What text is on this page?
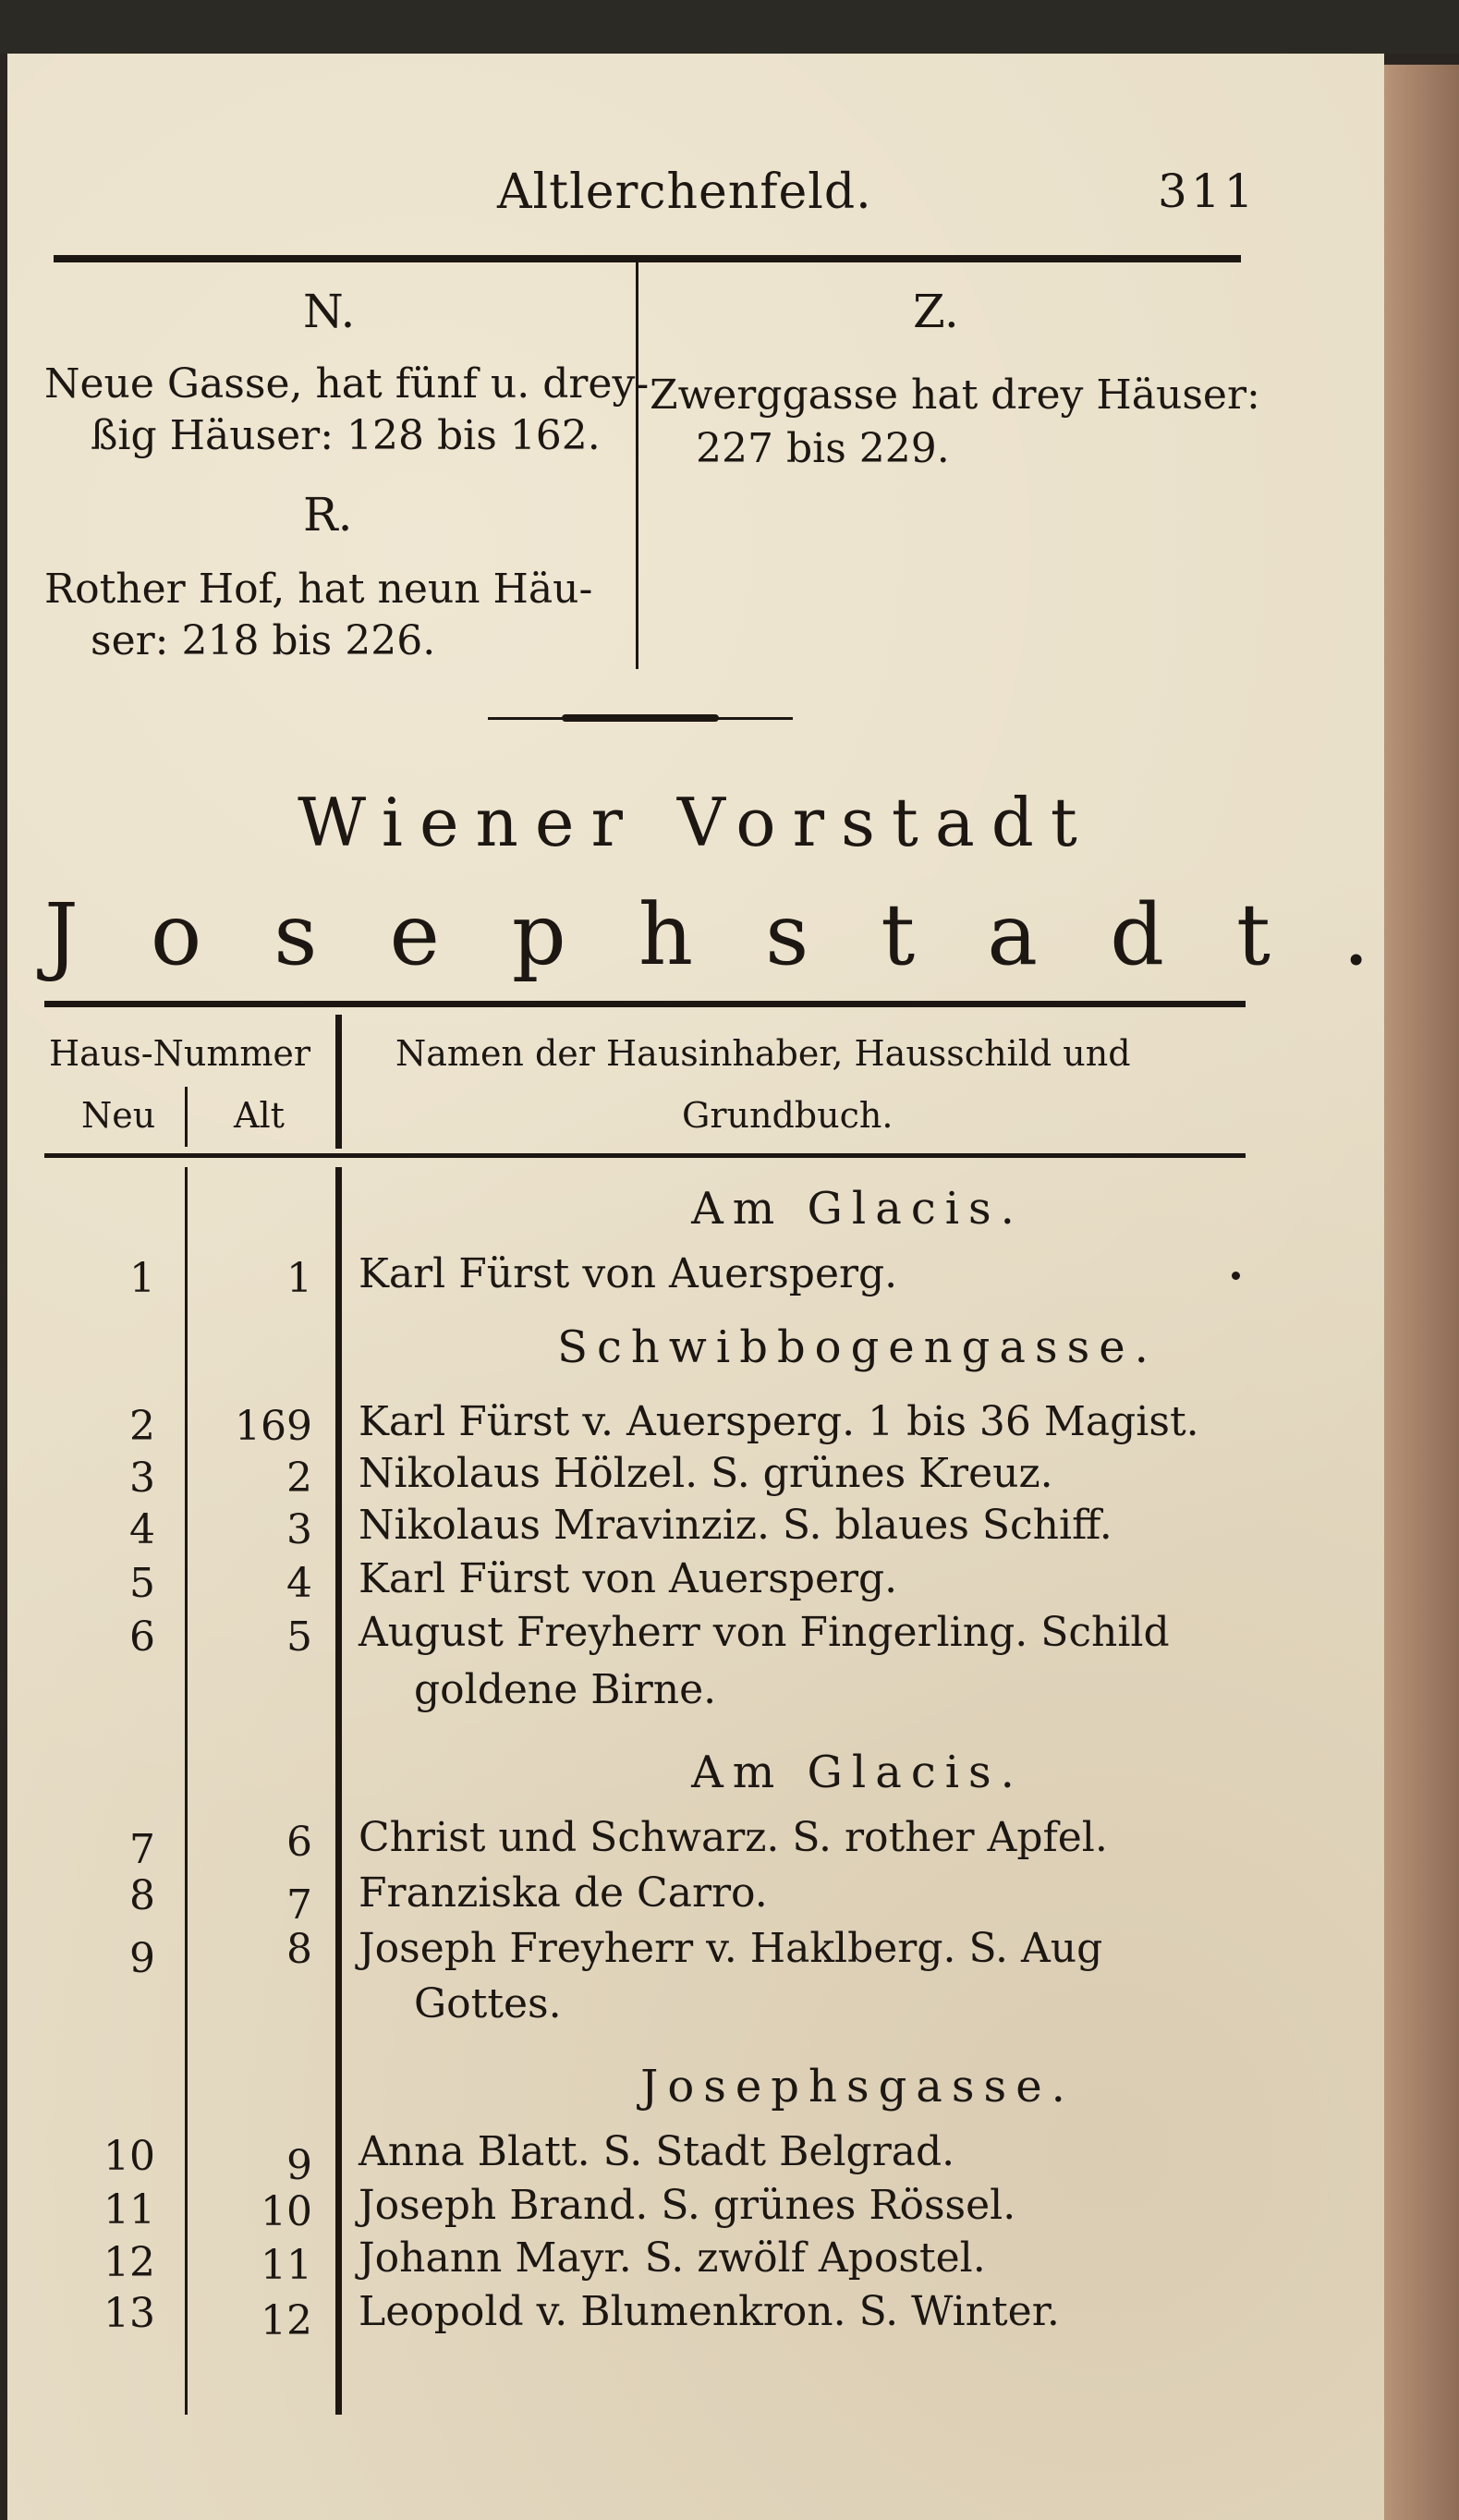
Altlerchenfeld.	311
N.
Neue Gasse, hat fünf u. drey-
ßig Häuser: 128 bis 162.
R.
Rother Hof, hat neun Häu-
ser: 218 bis 226.
Z.
Zwerggasse hat drey Häuser:
227 bis 229.
Wiener Vorstadt
Josephstadt.
Haus-Nummer
Neu Alt
Namen der Hausinhaber, Hausschild und
Grundbuch.
Am Glacis.
1	1 Karl Fürst von Auersperg.
Schwibbogengasse.
2	169 Karl Fürst v. Auersperg. 1 bis 36 Magist.
3	2 Nikolaus Hölzel. S. grünes Kreuz.
4	3 Nikolaus Mravinziz. S. blaues Schiff.
5	4 Karl Fürst von Auersperg.
6	5 August Freyherr von Fingerling. Schild
goldene Birne.
Am Glacis.
7	6 Christ und Schwarz. S. rother Apfel.
8	7 Franziska de Carro.
9	8 Joseph Freyherr v. Haklberg. S. Aug
Gottes.
Josephsgasse.
10	9 Anna Blatt. S. Stadt Belgrad.
11	10 Joseph Brand. S. grünes Rössel.
12	11 Johann Mayr. S. zwölf Apostel.
13	12 Leopold v. Blumenkron. S. Winter.
